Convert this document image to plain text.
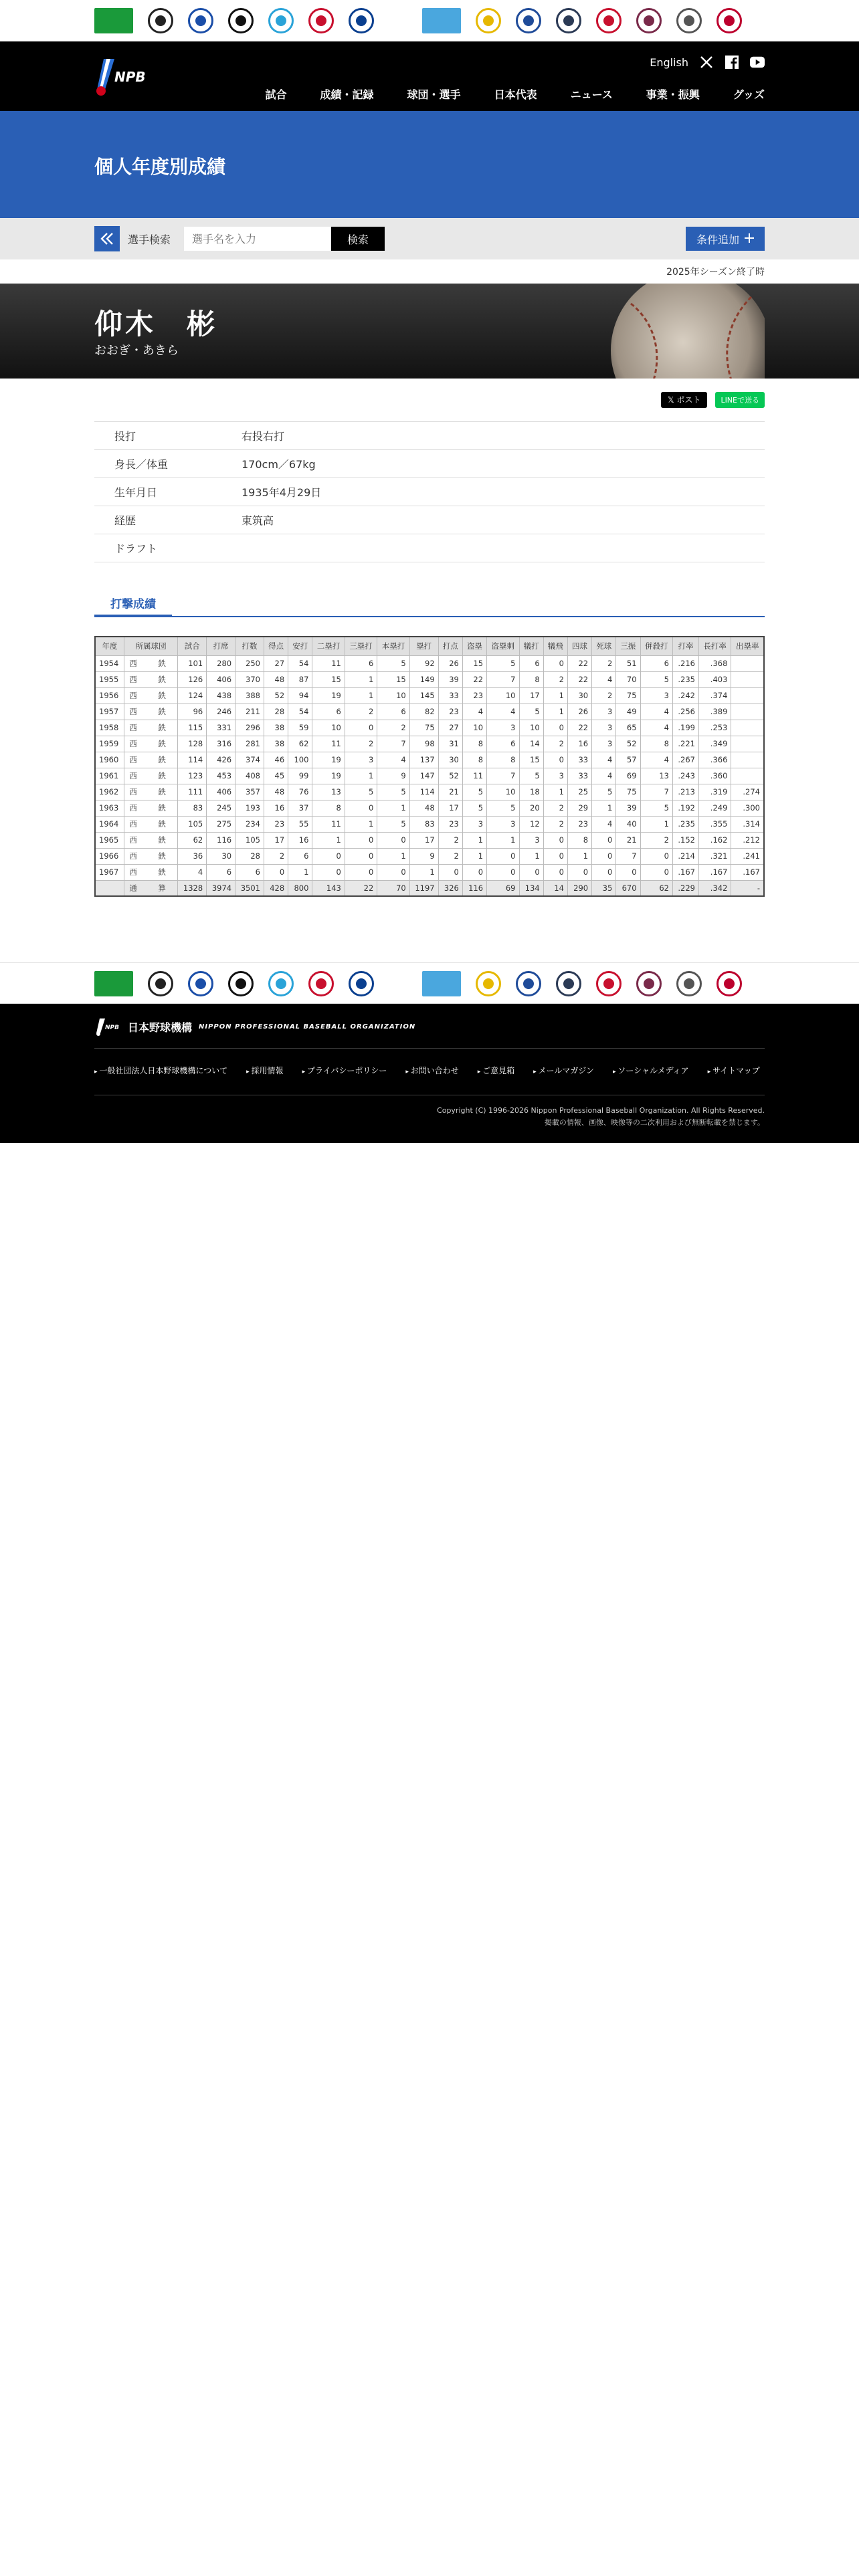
NPB
English
試合	成績・記録	球団・選手	日本代表	ニュース	事業・振興	グッズ
個人年度別成績
選手検索
選手名を入力	検索	条件追加
2025年シーズン終了時
仰木　彬
おおぎ・あきら
𝕏 ポスト	LINEで送る
投打	右投右打
身長／体重	170cm／67kg
生年月日	1935年4月29日
経歴	東筑高
ドラフト
打撃成績
年度	所属球団	試合	打席	打数	得点	安打	二塁打	三塁打	本塁打	塁打	打点	盗塁	盗塁刺	犠打	犠飛	四球	死球	三振	併殺打	打率	長打率	出塁率
1954	西　鉄	101	280	250	27	54	11	6	5	92	26	15	5	6	0	22	2	51	6	.216	.368	
1955	西　鉄	126	406	370	48	87	15	1	15	149	39	22	7	8	2	22	4	70	5	.235	.403	
1956	西　鉄	124	438	388	52	94	19	1	10	145	33	23	10	17	1	30	2	75	3	.242	.374	
1957	西　鉄	96	246	211	28	54	6	2	6	82	23	4	4	5	1	26	3	49	4	.256	.389	
1958	西　鉄	115	331	296	38	59	10	0	2	75	27	10	3	10	0	22	3	65	4	.199	.253	
1959	西　鉄	128	316	281	38	62	11	2	7	98	31	8	6	14	2	16	3	52	8	.221	.349	
1960	西　鉄	114	426	374	46	100	19	3	4	137	30	8	8	15	0	33	4	57	4	.267	.366	
1961	西　鉄	123	453	408	45	99	19	1	9	147	52	11	7	5	3	33	4	69	13	.243	.360	
1962	西　鉄	111	406	357	48	76	13	5	5	114	21	5	10	18	1	25	5	75	7	.213	.319	.274
1963	西　鉄	83	245	193	16	37	8	0	1	48	17	5	5	20	2	29	1	39	5	.192	.249	.300
1964	西　鉄	105	275	234	23	55	11	1	5	83	23	3	3	12	2	23	4	40	1	.235	.355	.314
1965	西　鉄	62	116	105	17	16	1	0	0	17	2	1	1	3	0	8	0	21	2	.152	.162	.212
1966	西　鉄	36	30	28	2	6	0	0	1	9	2	1	0	1	0	1	0	7	0	.214	.321	.241
1967	西　鉄	4	6	6	0	1	0	0	0	1	0	0	0	0	0	0	0	0	0	.167	.167	.167
	通　算	1328	3974	3501	428	800	143	22	70	1197	326	116	69	134	14	290	35	670	62	.229	.342	-
NPB 日本野球機構 NIPPON PROFESSIONAL BASEBALL ORGANIZATION
▸ 一般社団法人日本野球機構について	▸ 採用情報	▸ プライバシーポリシー	▸ お問い合わせ	▸ ご意見箱	▸ メールマガジン	▸ ソーシャルメディア	▸ サイトマップ
Copyright (C) 1996-2026 Nippon Professional Baseball Organization. All Rights Reserved.
掲載の情報、画像、映像等の二次利用および無断転載を禁じます。
